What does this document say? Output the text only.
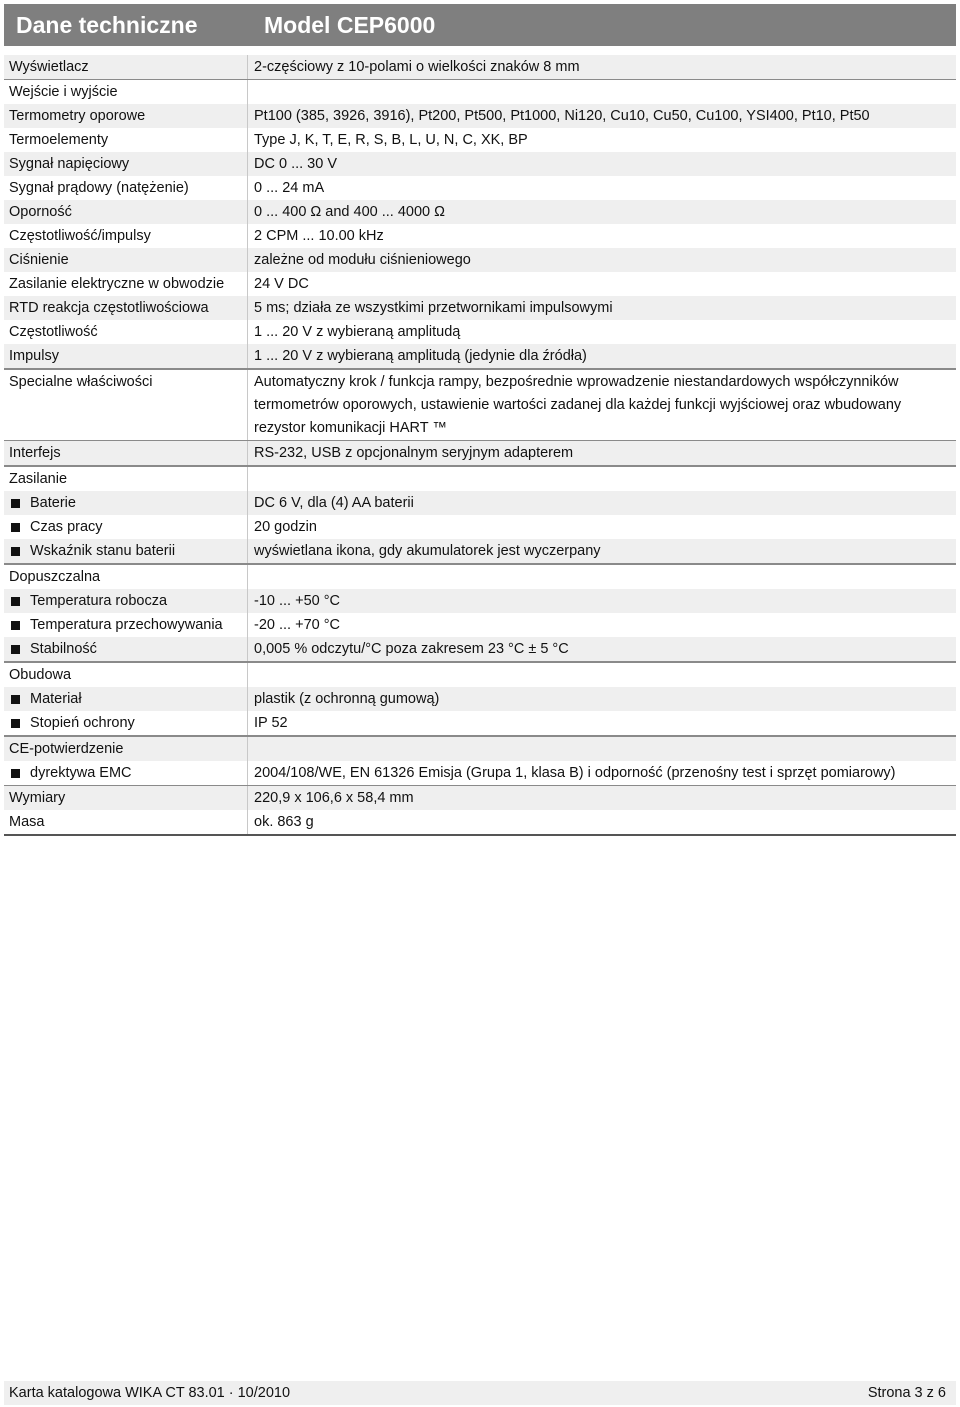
Dane techniczne	Model CEP6000
Wyświetlacz	2-częściowy z 10-polami o wielkości znaków 8 mm
Wejście i wyjście
Termometry oporowe	Pt100 (385, 3926, 3916), Pt200, Pt500, Pt1000, Ni120, Cu10, Cu50, Cu100, YSI400, Pt10, Pt50
Termoelementy	Type J, K, T, E, R, S, B, L, U, N, C, XK, BP
Sygnał napięciowy	DC 0 ... 30 V
Sygnał prądowy (natężenie)	0 ... 24 mA
Oporność	0 ... 400 Ω and 400 ... 4000 Ω
Częstotliwość/impulsy	2 CPM ... 10.00 kHz
Ciśnienie	zależne od modułu ciśnieniowego
Zasilanie elektryczne w obwodzie	24 V DC
RTD reakcja częstotliwościowa	5 ms; działa ze wszystkimi przetwornikami impulsowymi
Częstotliwość	1 ... 20 V z wybieraną amplitudą
Impulsy	1 ... 20 V z wybieraną amplitudą (jedynie dla źródła)
Specialne właściwości	Automatyczny krok / funkcja rampy, bezpośrednie wprowadzenie niestandardowych współczynników termometrów oporowych, ustawienie wartości zadanej dla każdej funkcji wyjściowej oraz wbudowany rezystor komunikacji HART ™
Interfejs	RS-232, USB z opcjonalnym seryjnym adapterem
Zasilanie
Baterie	DC 6 V, dla (4) AA baterii
Czas pracy	20 godzin
Wskaźnik stanu baterii	wyświetlana ikona, gdy akumulatorek jest wyczerpany
Dopuszczalna
Temperatura robocza	-10 ... +50 °C
Temperatura przechowywania	-20 ... +70 °C
Stabilność	0,005 % odczytu/°C poza zakresem 23 °C ± 5 °C
Obudowa
Materiał	plastik (z ochronną gumową)
Stopień ochrony	IP 52
CE-potwierdzenie
dyrektywa EMC	2004/108/WE, EN 61326 Emisja (Grupa 1, klasa B) i odporność (przenośny test i sprzęt pomiarowy)
Wymiary	220,9 x 106,6 x 58,4 mm
Masa	ok. 863 g
Karta katalogowa WIKA CT 83.01 · 10/2010	Strona 3 z 6
